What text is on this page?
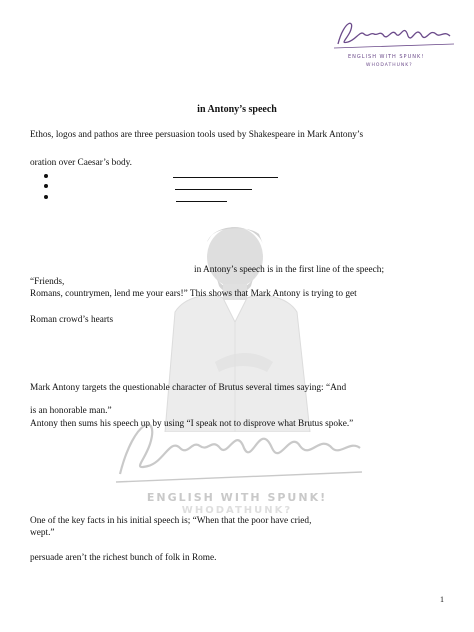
ENGLISH WITH SPUNK!
WHODATHUNK?
in Antony’s speech
Ethos, logos and pathos are three persuasion tools used by Shakespeare in Mark Antony’s
oration over Caesar’s body.
in Antony’s speech is in the first line of the speech;
“Friends,
Romans, countrymen, lend me your ears!” This shows that Mark Antony is trying to get
Roman crowd’s hearts
Mark Antony targets the questionable character of Brutus several times saying: “And
is an honorable man.”
Antony then sums his speech up by using “I speak not to disprove what Brutus spoke.”
ENGLISH WITH SPUNK!
One of the key facts in his initial speech is; “When that the poor have cried,
wept.”
WHODATHUNK?
persuade aren’t the richest bunch of folk in Rome.
1
